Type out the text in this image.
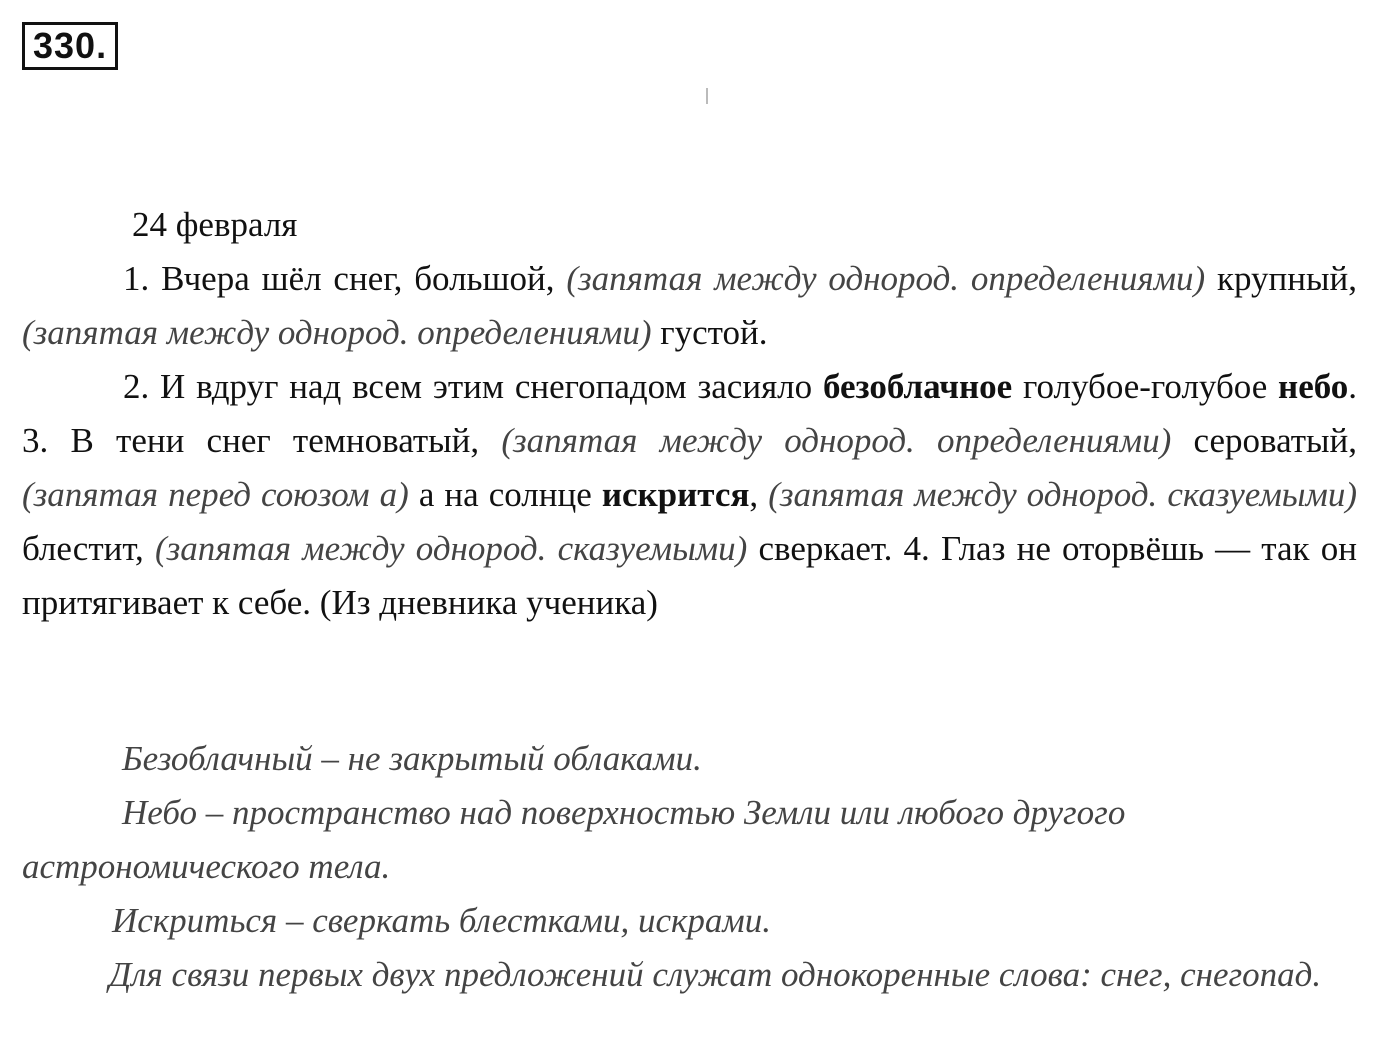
330.

24 февраля

1. Вчера шёл снег, большой, (запятая между однород. определениями) крупный, (запятая между однород. определениями) густой.

2. И вдруг над всем этим снегопадом засияло безоблачное голубое-голубое небо. 3. В тени снег темноватый, (запятая между однород. определениями) сероватый, (запятая перед союзом а) а на солнце искрится, (запятая между однород. сказуемыми) блестит, (запятая между однород. сказуемыми) сверкает. 4. Глаз не оторвёшь — так он притягивает к себе. (Из дневника ученика)

Безоблачный – не закрытый облаками.

Небо – пространство над поверхностью Земли или любого другого астрономического тела.

Искриться – сверкать блестками, искрами.

Для связи первых двух предложений служат однокоренные слова: снег, снегопад.
